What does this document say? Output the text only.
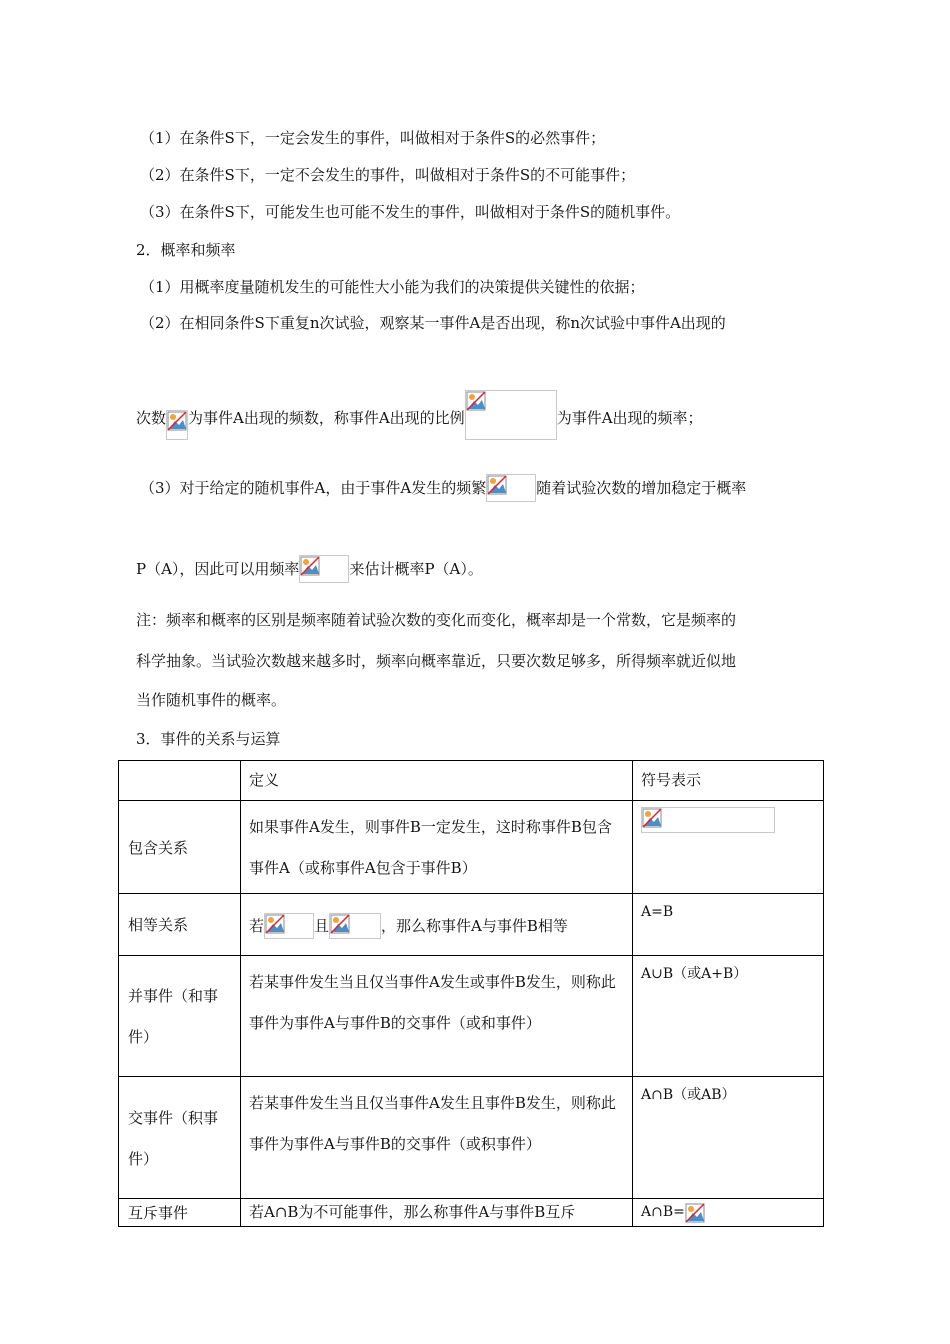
（1）在条件S下，一定会发生的事件，叫做相对于条件S的必然事件；
（2）在条件S下，一定不会发生的事件，叫做相对于条件S的不可能事件；
（3）在条件S下，可能发生也可能不发生的事件，叫做相对于条件S的随机事件。
2．概率和频率
（1）用概率度量随机发生的可能性大小能为我们的决策提供关键性的依据；
（2）在相同条件S下重复n次试验，观察某一事件A是否出现，称n次试验中事件A出现的
次数 为事件A出现的频数，称事件A出现的比例	为事件A出现的频率；
（3）对于给定的随机事件A，由于事件A发生的频繁	随着试验次数的增加稳定于概率
P（A），因此可以用频率	来估计概率P（A）。
注：频率和概率的区别是频率随着试验次数的变化而变化，概率却是一个常数，它是频率的
科学抽象。当试验次数越来越多时，频率向概率靠近，只要次数足够多，所得频率就近似地
当作随机事件的概率。
3．事件的关系与运算
	定义	符号表示
包含关系	如果事件A发生，则事件B一定发生，这时称事件B包含事件A（或称事件A包含于事件B）	

相等关系	若 且 ，那么称事件A与事件B相等	A=B
并事件（和事件）	若某事件发生当且仅当事件A发生或事件B发生，则称此事件为事件A与事件B的交事件（或和事件）	A∪B（或A+B）
交事件（积事件）	若某事件发生当且仅当事件A发生且事件B发生，则称此事件为事件A与事件B的交事件（或积事件）	A∩B（或AB）
互斥事件	若A∩B为不可能事件，那么称事件A与事件B互斥	A∩B=
